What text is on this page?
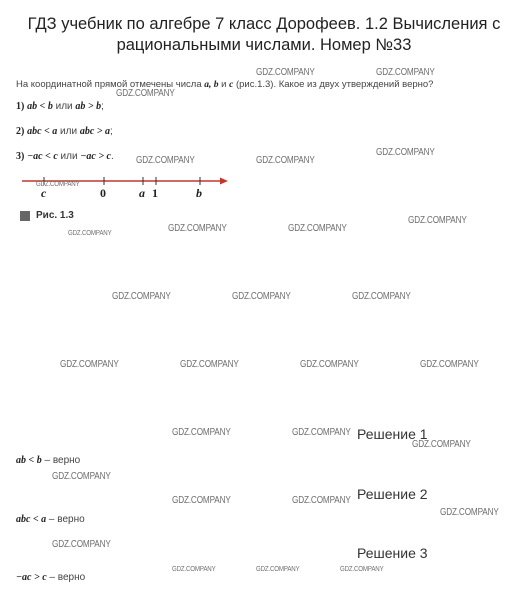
ГДЗ учебник по алгебре 7 класс Дорофеев. 1.2 Вычисления с рациональными числами. Номер №33
На координатной прямой отмечены числа a, b и c (рис.1.3). Какое из двух утверждений верно?
1) ab < b или ab > b;
2) abc < a или abc > a;
3) −ac < c или −ac > c.
c	0	a 1	b
Рис. 1.3
Решение 1
ab < b – верно
Решение 2
abc < a – верно
Решение 3
−ac > c – верно
GDZ.COMPANY	GDZ.COMPANY
GDZ.COMPANY
GDZ.COMPANY	GDZ.COMPANY
GDZ.COMPANY
GDZ.COMPANY
GDZ.COMPANY	GDZ.COMPANY	GDZ.COMPANY
GDZ.COMPANY
GDZ.COMPANY	GDZ.COMPANY	GDZ.COMPANY
GDZ.COMPANY	GDZ.COMPANY	GDZ.COMPANY	GDZ.COMPANY
GDZ.COMPANY	GDZ.COMPANY
GDZ.COMPANY
GDZ.COMPANY
GDZ.COMPANY	GDZ.COMPANY
GDZ.COMPANY
GDZ.COMPANY
GDZ.COMPANY	GDZ.COMPANY	GDZ.COMPANY
